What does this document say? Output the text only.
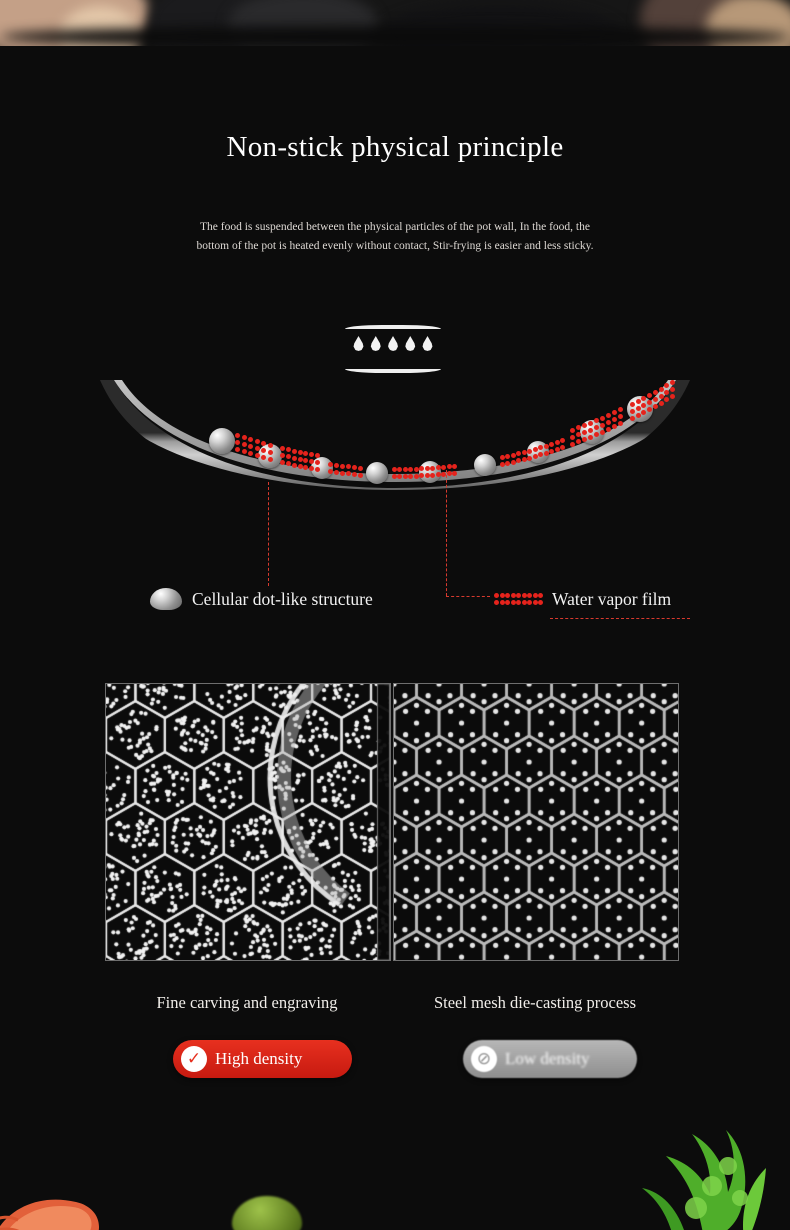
Non-stick physical principle
The food is suspended between the physical particles of the pot wall, In the food, the
bottom of the pot is heated evenly without contact, Stir-frying is easier and less sticky.
Cellular dot-like structure	Water vapor film
Fine carving and engraving	Steel mesh die-casting process
✓ High density	⊘ Low density
